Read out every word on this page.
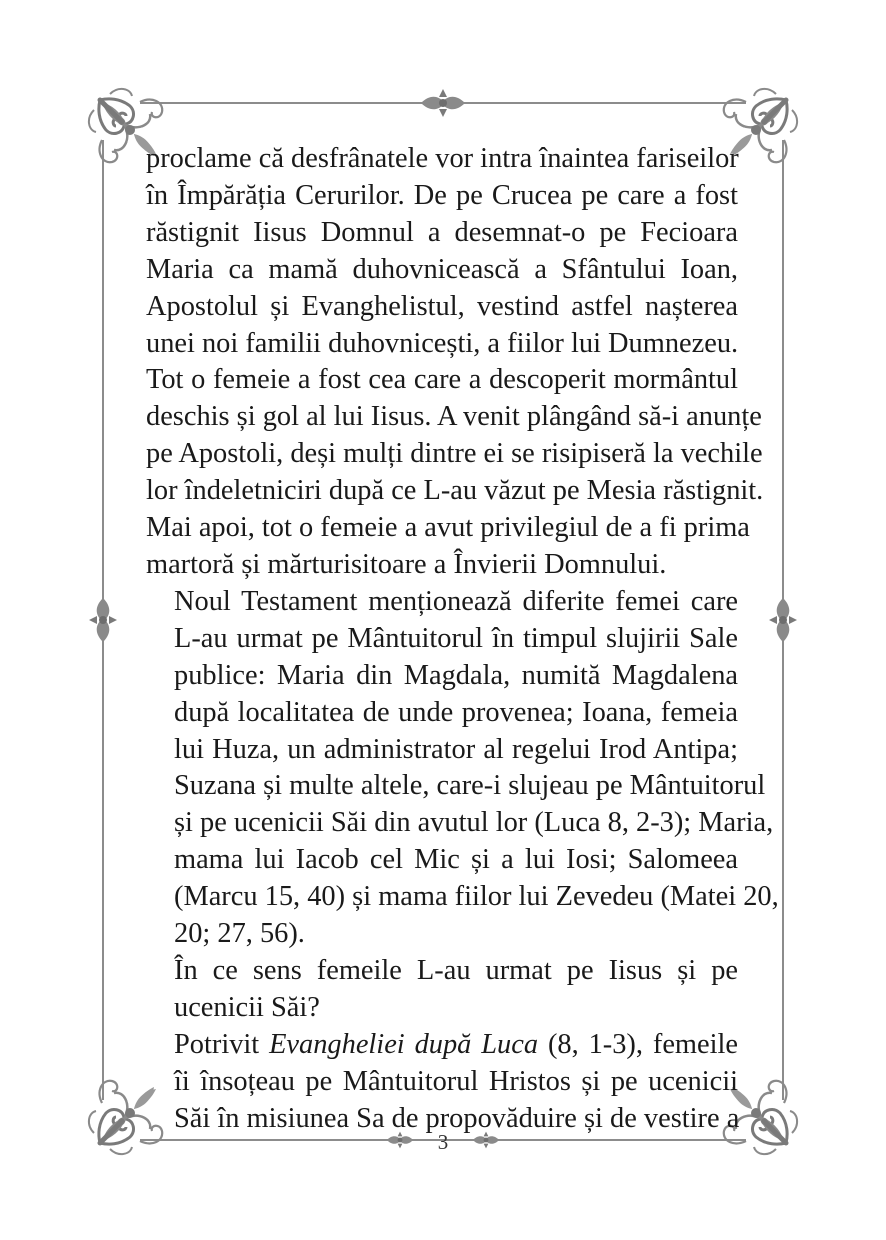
proclame că desfrânatele vor intra înaintea fariseilor
în Împărăția Cerurilor. De pe Crucea pe care a fost
răstignit Iisus Domnul a desemnat-o pe Fecioara
Maria ca mamă duhovnicească a Sfântului Ioan,
Apostolul și Evanghelistul, vestind astfel nașterea
unei noi familii duhovnicești, a fiilor lui Dumnezeu.
Tot o femeie a fost cea care a descoperit mormântul
deschis și gol al lui Iisus. A venit plângând să-i anunțe
pe Apostoli, deși mulți dintre ei se risipiseră la vechile
lor îndeletniciri după ce L-au văzut pe Mesia răstignit.
Mai apoi, tot o femeie a avut privilegiul de a fi prima
martoră și mărturisitoare a Învierii Domnului.

Noul Testament menționează diferite femei care
L-au urmat pe Mântuitorul în timpul slujirii Sale
publice: Maria din Magdala, numită Magdalena
după localitatea de unde provenea; Ioana, femeia
lui Huza, un administrator al regelui Irod Antipa;
Suzana și multe altele, care-i slujeau pe Mântuitorul
și pe ucenicii Săi din avutul lor (Luca 8, 2-3); Maria,
mama lui Iacob cel Mic și a lui Iosi; Salomeea
(Marcu 15, 40) și mama fiilor lui Zevedeu (Matei 20,
20; 27, 56).

În ce sens femeile L-au urmat pe Iisus și pe
ucenicii Săi?

Potrivit Evangheliei după Luca (8, 1-3), femeile
îi însoțeau pe Mântuitorul Hristos și pe ucenicii
Săi în misiunea Sa de propovăduire și de vestire a

3
